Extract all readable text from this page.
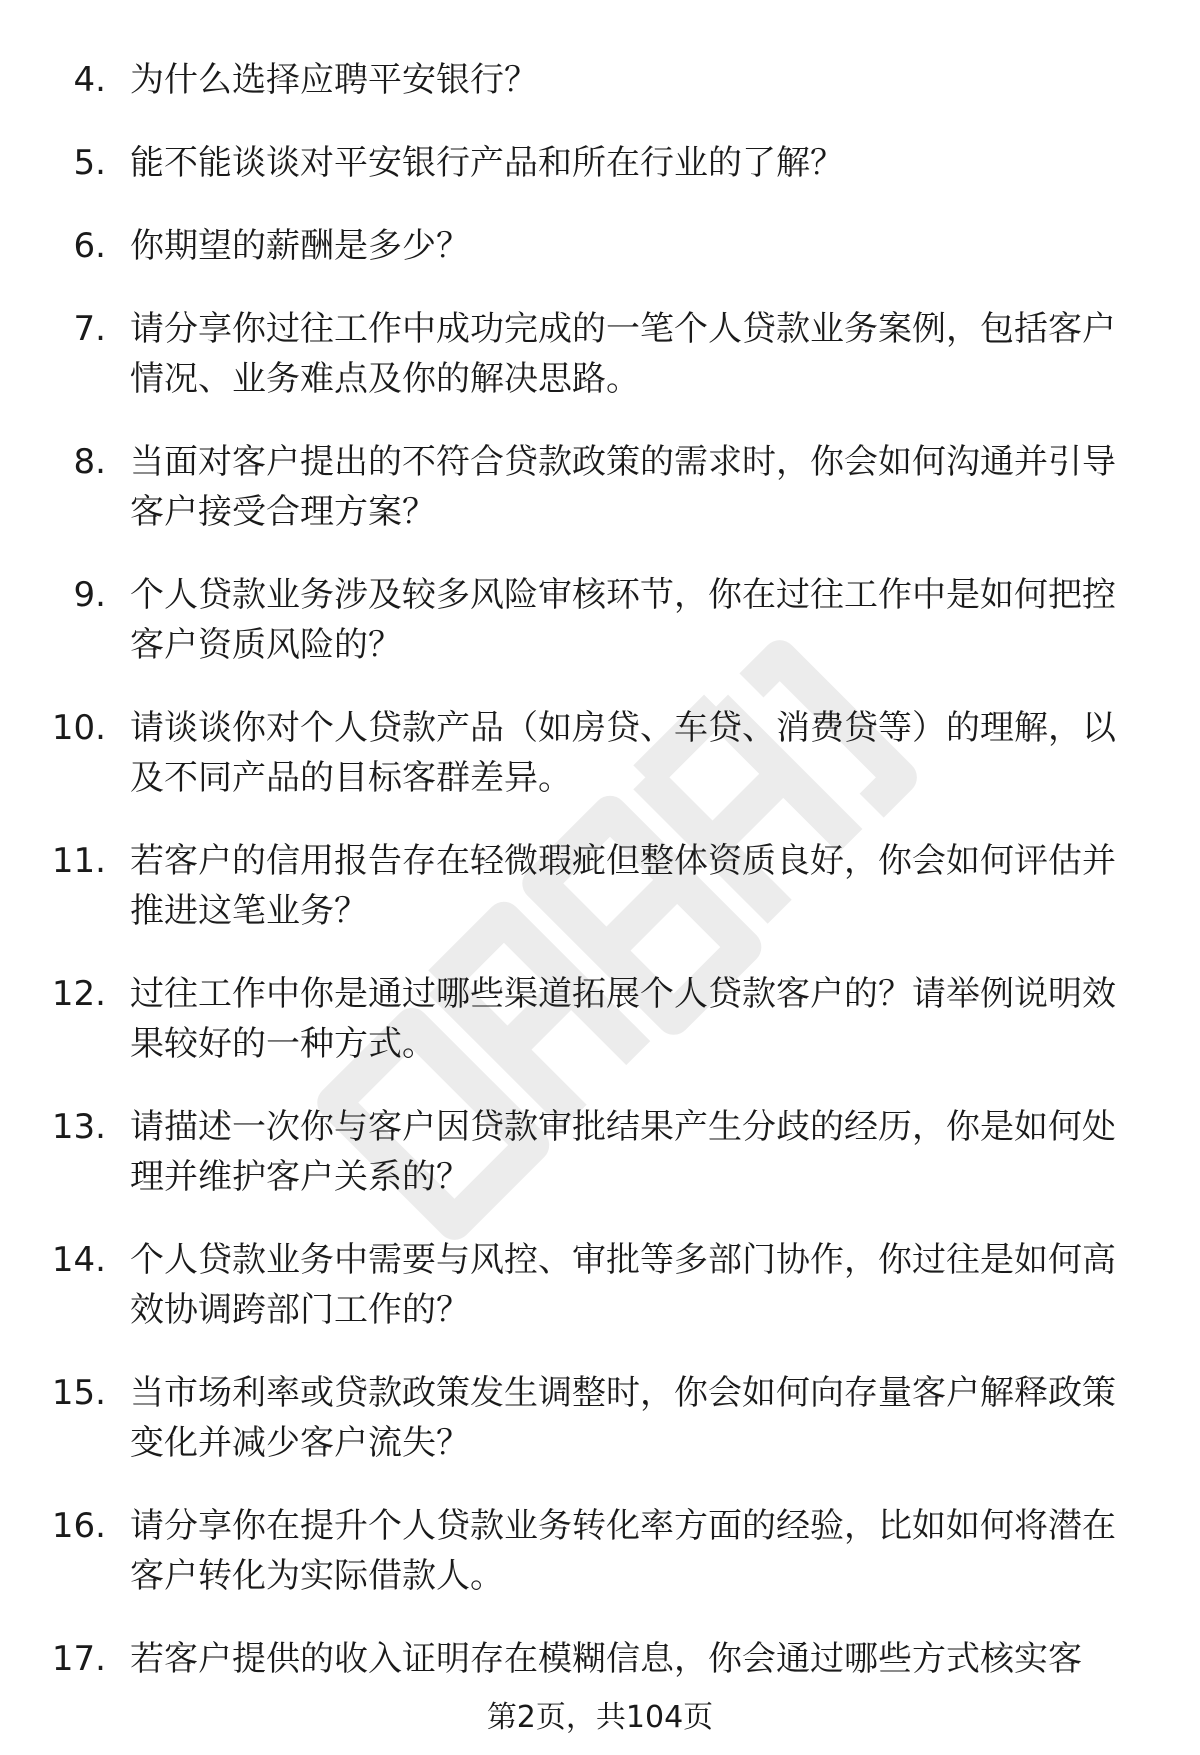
4. 为什么选择应聘平安银行？
5. 能不能谈谈对平安银行产品和所在行业的了解？
6. 你期望的薪酬是多少？
7. 请分享你过往工作中成功完成的一笔个人贷款业务案例，包括客户情况、业务难点及你的解决思路。
8. 当面对客户提出的不符合贷款政策的需求时，你会如何沟通并引导客户接受合理方案？
9. 个人贷款业务涉及较多风险审核环节，你在过往工作中是如何把控客户资质风险的？
10. 请谈谈你对个人贷款产品（如房贷、车贷、消费贷等）的理解，以及不同产品的目标客群差异。
11. 若客户的信用报告存在轻微瑕疵但整体资质良好，你会如何评估并推进这笔业务？
12. 过往工作中你是通过哪些渠道拓展个人贷款客户的？请举例说明效果较好的一种方式。
13. 请描述一次你与客户因贷款审批结果产生分歧的经历，你是如何处理并维护客户关系的？
14. 个人贷款业务中需要与风控、审批等多部门协作，你过往是如何高效协调跨部门工作的？
15. 当市场利率或贷款政策发生调整时，你会如何向存量客户解释政策变化并减少客户流失？
16. 请分享你在提升个人贷款业务转化率方面的经验，比如如何将潜在客户转化为实际借款人。
17. 若客户提供的收入证明存在模糊信息，你会通过哪些方式核实客
第2页，共104页
